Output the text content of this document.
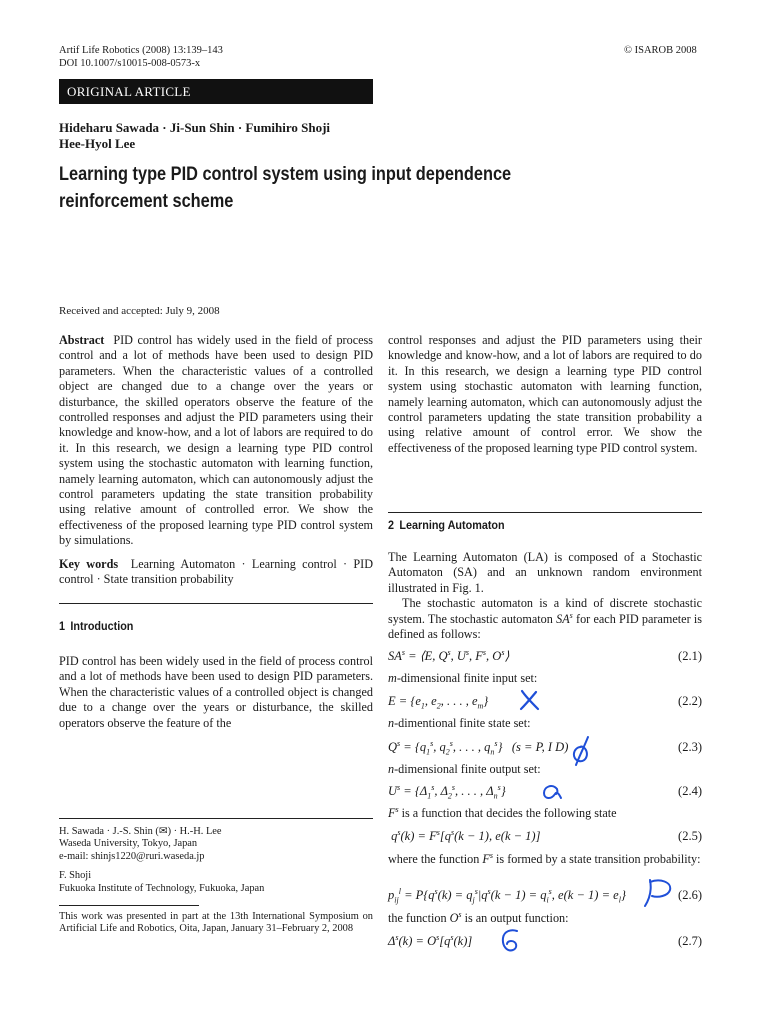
Artif Life Robotics (2008) 13:139–143
DOI 10.1007/s10015-008-0573-x
© ISAROB 2008
ORIGINAL ARTICLE
Hideharu Sawada · Ji-Sun Shin · Fumihiro Shoji
Hee-Hyol Lee
Learning type PID control system using input dependence
reinforcement scheme
Received and accepted: July 9, 2008

Abstract PID control has widely used in the field of process control and a lot of methods have been used to design PID parameters. When the characteristic values of a controlled object are changed due to a change over the years or disturbance, the skilled operators observe the feature of the controlled responses and adjust the PID parameters using their knowledge and know-how, and a lot of labors are required to do it. In this research, we design a learning type PID control system using the stochastic automaton with learning function, namely learning automaton, which can autonomously adjust the control parameters updating the state transition probability using relative amount of controlled error. We show the effectiveness of the proposed learning type PID control system by simulations.

Key words Learning Automaton · Learning control · PID control · State transition probability

1 Introduction

PID control has been widely used in the field of process control and a lot of methods have been used to design PID parameters. When the characteristic values of a controlled object is changed due to a change over the years or disturbance, the skilled operators observe the feature of the

H. Sawada · J.-S. Shin (✉) · H.-H. Lee
Waseda University, Tokyo, Japan
e-mail: shinjs1220@ruri.waseda.jp
F. Shoji
Fukuoka Institute of Technology, Fukuoka, Japan
This work was presented in part at the 13th International Symposium on Artificial Life and Robotics, Oita, Japan, January 31–February 2, 2008

control responses and adjust the PID parameters using their knowledge and know-how, and a lot of labors are required to do it. In this research, we design a learning type PID control system using stochastic automaton with learning function, namely learning automaton, which can autonomously adjust the control parameters updating the state transition probability a using relative amount of control error. We show the effectiveness of the proposed learning type PID control system.

2 Learning Automaton

The Learning Automaton (LA) is composed of a Stochastic Automaton (SA) and an unknown random environment illustrated in Fig. 1.

The stochastic automaton is a kind of discrete stochastic system. The stochastic automaton $SA^s$ for each PID parameter is defined as follows:

$SA^s$ = ⟨E, $Q^s$, $U^s$, $F^s$, $O^s⟩$	(2.1)
m-dimensional finite input set:
$E = \{e_1$, $e_2$, . . . , $e_m$}	(2.2)
n-dimentional finite state set:
$Q^s = \{q_1^s$, $q_2^s$, . . . , $q_n^s$}   (s = P, I D)	(2.3)
n-dimensional finite output set:
$U^s = \{\Delta_1^s$, $\Delta_2^s$, . . . , $\Delta_n^s$}	(2.4)
$F^s$ is a function that decides the following state
$q^s(k) = F^s[q^s(k - 1)$, e(k − 1)]	(2.5)
where the function $F^s$ is formed by a state transition probability:
$p_{ij}^l = P\{q^s(k) = q_j^s|q^s(k - 1) = q_i^s$, $e(k - 1) = e_l$}	(2.6)
the function $O^s$ is an output function:
$\Delta^s(k) = O^s[q^s(k)]$	(2.7)
